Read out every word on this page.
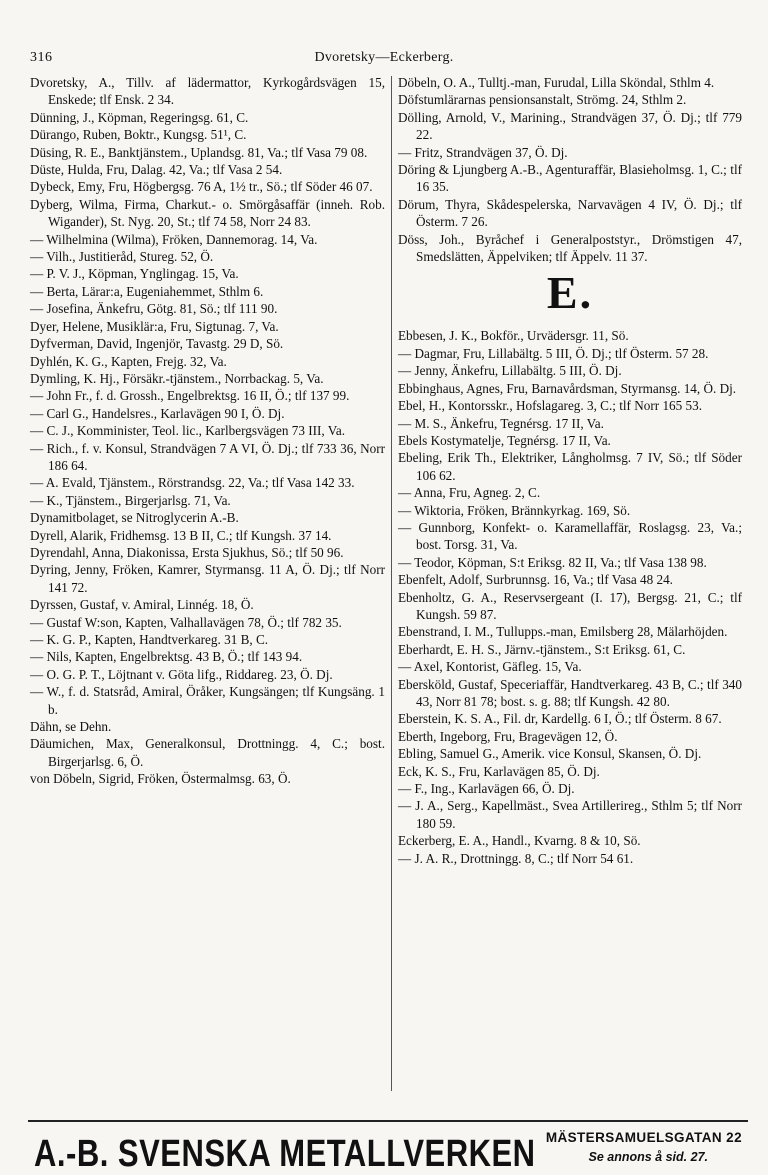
316	Dvoretsky—Eckerberg.
Dvoretsky, A., Tillv. af lädermattor, Kyrkogårdsvägen 15, Enskede; tlf Ensk. 2 34.
Dünning, J., Köpman, Regeringsg. 61, C.
Dürango, Ruben, Boktr., Kungsg. 51¹, C.
Düsing, R. E., Banktjänstem., Uplandsg. 81, Va.; tlf Vasa 79 08.
Düste, Hulda, Fru, Dalag. 42, Va.; tlf Vasa 2 54.
Dybeck, Emy, Fru, Högbergsg. 76 A, 1½ tr., Sö.; tlf Söder 46 07.
Dyberg, Wilma, Firma, Charkut.- o. Smörgåsaffär (inneh. Rob. Wigander), St. Nyg. 20, St.; tlf 74 58, Norr 24 83.
— Wilhelmina (Wilma), Fröken, Dannemorag. 14, Va.
— Vilh., Justitieråd, Stureg. 52, Ö.
— P. V. J., Köpman, Ynglingag. 15, Va.
— Berta, Lärar:a, Eugeniahemmet, Sthlm 6.
— Josefina, Änkefru, Götg. 81, Sö.; tlf 111 90.
Dyer, Helene, Musiklär:a, Fru, Sigtunag. 7, Va.
Dyfverman, David, Ingenjör, Tavastg. 29 D, Sö.
Dyhlén, K. G., Kapten, Frejg. 32, Va.
Dymling, K. Hj., Försäkr.-tjänstem., Norrbackag. 5, Va.
— John Fr., f. d. Grossh., Engelbrektsg. 16 II, Ö.; tlf 137 99.
— Carl G., Handelsres., Karlavägen 90 I, Ö. Dj.
— C. J., Komminister, Teol. lic., Karlbergsvägen 73 III, Va.
— Rich., f. v. Konsul, Strandvägen 7 A VI, Ö. Dj.; tlf 733 36, Norr 186 64.
— A. Evald, Tjänstem., Rörstrandsg. 22, Va.; tlf Vasa 142 33.
— K., Tjänstem., Birgerjarlsg. 71, Va.
Dynamitbolaget, se Nitroglycerin A.-B.
Dyrell, Alarik, Fridhemsg. 13 B II, C.; tlf Kungsh. 37 14.
Dyrendahl, Anna, Diakonissa, Ersta Sjukhus, Sö.; tlf 50 96.
Dyring, Jenny, Fröken, Kamrer, Styrmansg. 11 A, Ö. Dj.; tlf Norr 141 72.
Dyrssen, Gustaf, v. Amiral, Linnég. 18, Ö.
— Gustaf W:son, Kapten, Valhallavägen 78, Ö.; tlf 782 35.
— K. G. P., Kapten, Handtverkareg. 31 B, C.
— Nils, Kapten, Engelbrektsg. 43 B, Ö.; tlf 143 94.
— O. G. P. T., Löjtnant v. Göta lifg., Riddareg. 23, Ö. Dj.
— W., f. d. Statsråd, Amiral, Öråker, Kungsängen; tlf Kungsäng. 1 b.
Dähn, se Dehn.
Däumichen, Max, Generalkonsul, Drottningg. 4, C.; bost. Birgerjarlsg. 6, Ö.
von Döbeln, Sigrid, Fröken, Östermalmsg. 63, Ö.
Döbeln, O. A., Tulltj.-man, Furudal, Lilla Sköndal, Sthlm 4.
Döfstumlärarnas pensionsanstalt, Strömg. 24, Sthlm 2.
Dölling, Arnold, V., Marining., Strandvägen 37, Ö. Dj.; tlf 779 22.
— Fritz, Strandvägen 37, Ö. Dj.
Döring & Ljungberg A.-B., Agenturaffär, Blasieholmsg. 1, C.; tlf 16 35.
Dörum, Thyra, Skådespelerska, Narvavägen 4 IV, Ö. Dj.; tlf Österm. 7 26.
Döss, Joh., Byråchef i Generalpoststyr., Drömstigen 47, Smedslätten, Äppelviken; tlf Äppelv. 11 37.
E.
Ebbesen, J. K., Bokför., Urvädersgr. 11, Sö.
— Dagmar, Fru, Lillabältg. 5 III, Ö. Dj.; tlf Österm. 57 28.
— Jenny, Änkefru, Lillabältg. 5 III, Ö. Dj.
Ebbinghaus, Agnes, Fru, Barnavårdsman, Styrmansg. 14, Ö. Dj.
Ebel, H., Kontorsskr., Hofslagareg. 3, C.; tlf Norr 165 53.
— M. S., Änkefru, Tegnérsg. 17 II, Va.
Ebels Kostymatelje, Tegnérsg. 17 II, Va.
Ebeling, Erik Th., Elektriker, Långholmsg. 7 IV, Sö.; tlf Söder 106 62.
— Anna, Fru, Agneg. 2, C.
— Wiktoria, Fröken, Brännkyrkag. 169, Sö.
— Gunnborg, Konfekt- o. Karamellaffär, Roslagsg. 23, Va.; bost. Torsg. 31, Va.
— Teodor, Köpman, S:t Eriksg. 82 II, Va.; tlf Vasa 138 98.
Ebenfelt, Adolf, Surbrunnsg. 16, Va.; tlf Vasa 48 24.
Ebenholtz, G. A., Reservsergeant (I. 17), Bergsg. 21, C.; tlf Kungsh. 59 87.
Ebenstrand, I. M., Tullupps.-man, Emilsberg 28, Mälarhöjden.
Eberhardt, E. H. S., Järnv.-tjänstem., S:t Eriksg. 61, C.
— Axel, Kontorist, Gäfleg. 15, Va.
Ebersköld, Gustaf, Speceriaffär, Handtverkareg. 43 B, C.; tlf 340 43, Norr 81 78; bost. s. g. 88; tlf Kungsh. 42 80.
Eberstein, K. S. A., Fil. dr, Kardellg. 6 I, Ö.; tlf Österm. 8 67.
Eberth, Ingeborg, Fru, Bragevägen 12, Ö.
Ebling, Samuel G., Amerik. vice Konsul, Skansen, Ö. Dj.
Eck, K. S., Fru, Karlavägen 85, Ö. Dj.
— F., Ing., Karlavägen 66, Ö. Dj.
— J. A., Serg., Kapellmäst., Svea Artillerireg., Sthlm 5; tlf Norr 180 59.
Eckerberg, E. A., Handl., Kvarng. 8 & 10, Sö.
— J. A. R., Drottningg. 8, C.; tlf Norr 54 61.
A.-B. SVENSKA METALLVERKEN MÄSTERSAMUELSGATAN 22
Se annons å sid. 27.
